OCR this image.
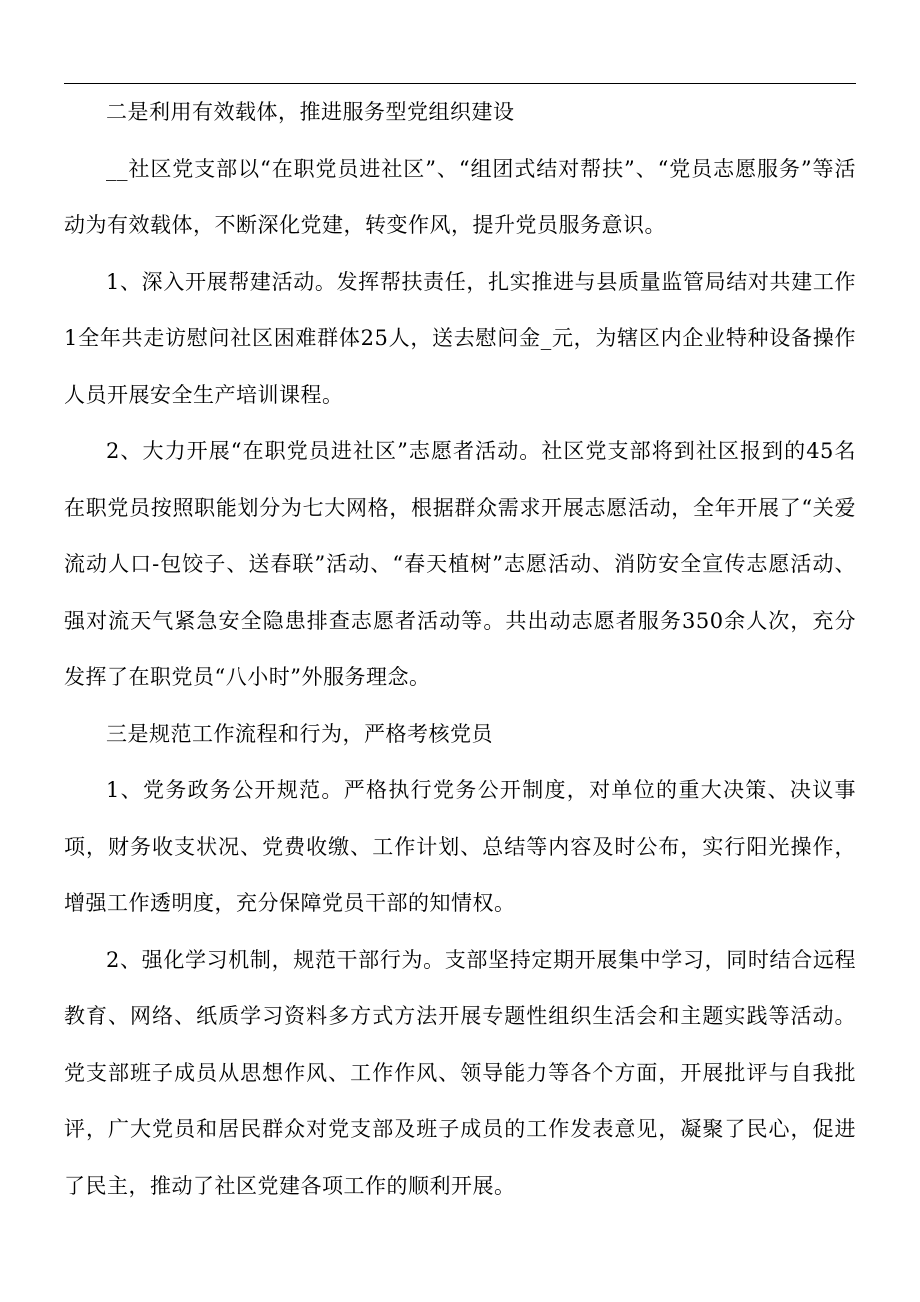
二是利用有效载体，推进服务型党组织建设

__社区党支部以“在职党员进社区”、“组团式结对帮扶”、“党员志愿服务”等活动为有效载体，不断深化党建，转变作风，提升党员服务意识。

1、深入开展帮建活动。发挥帮扶责任，扎实推进与县质量监管局结对共建工作1全年共走访慰问社区困难群体25人，送去慰问金_元，为辖区内企业特种设备操作人员开展安全生产培训课程。

2、大力开展“在职党员进社区”志愿者活动。社区党支部将到社区报到的45名在职党员按照职能划分为七大网格，根据群众需求开展志愿活动，全年开展了“关爱流动人口-包饺子、送春联”活动、“春天植树”志愿活动、消防安全宣传志愿活动、强对流天气紧急安全隐患排查志愿者活动等。共出动志愿者服务350余人次，充分发挥了在职党员“八小时”外服务理念。

三是规范工作流程和行为，严格考核党员

1、党务政务公开规范。严格执行党务公开制度，对单位的重大决策、决议事项，财务收支状况、党费收缴、工作计划、总结等内容及时公布，实行阳光操作，增强工作透明度，充分保障党员干部的知情权。

2、强化学习机制，规范干部行为。支部坚持定期开展集中学习，同时结合远程教育、网络、纸质学习资料多方式方法开展专题性组织生活会和主题实践等活动。党支部班子成员从思想作风、工作作风、领导能力等各个方面，开展批评与自我批评，广大党员和居民群众对党支部及班子成员的工作发表意见，凝聚了民心，促进了民主，推动了社区党建各项工作的顺利开展。
